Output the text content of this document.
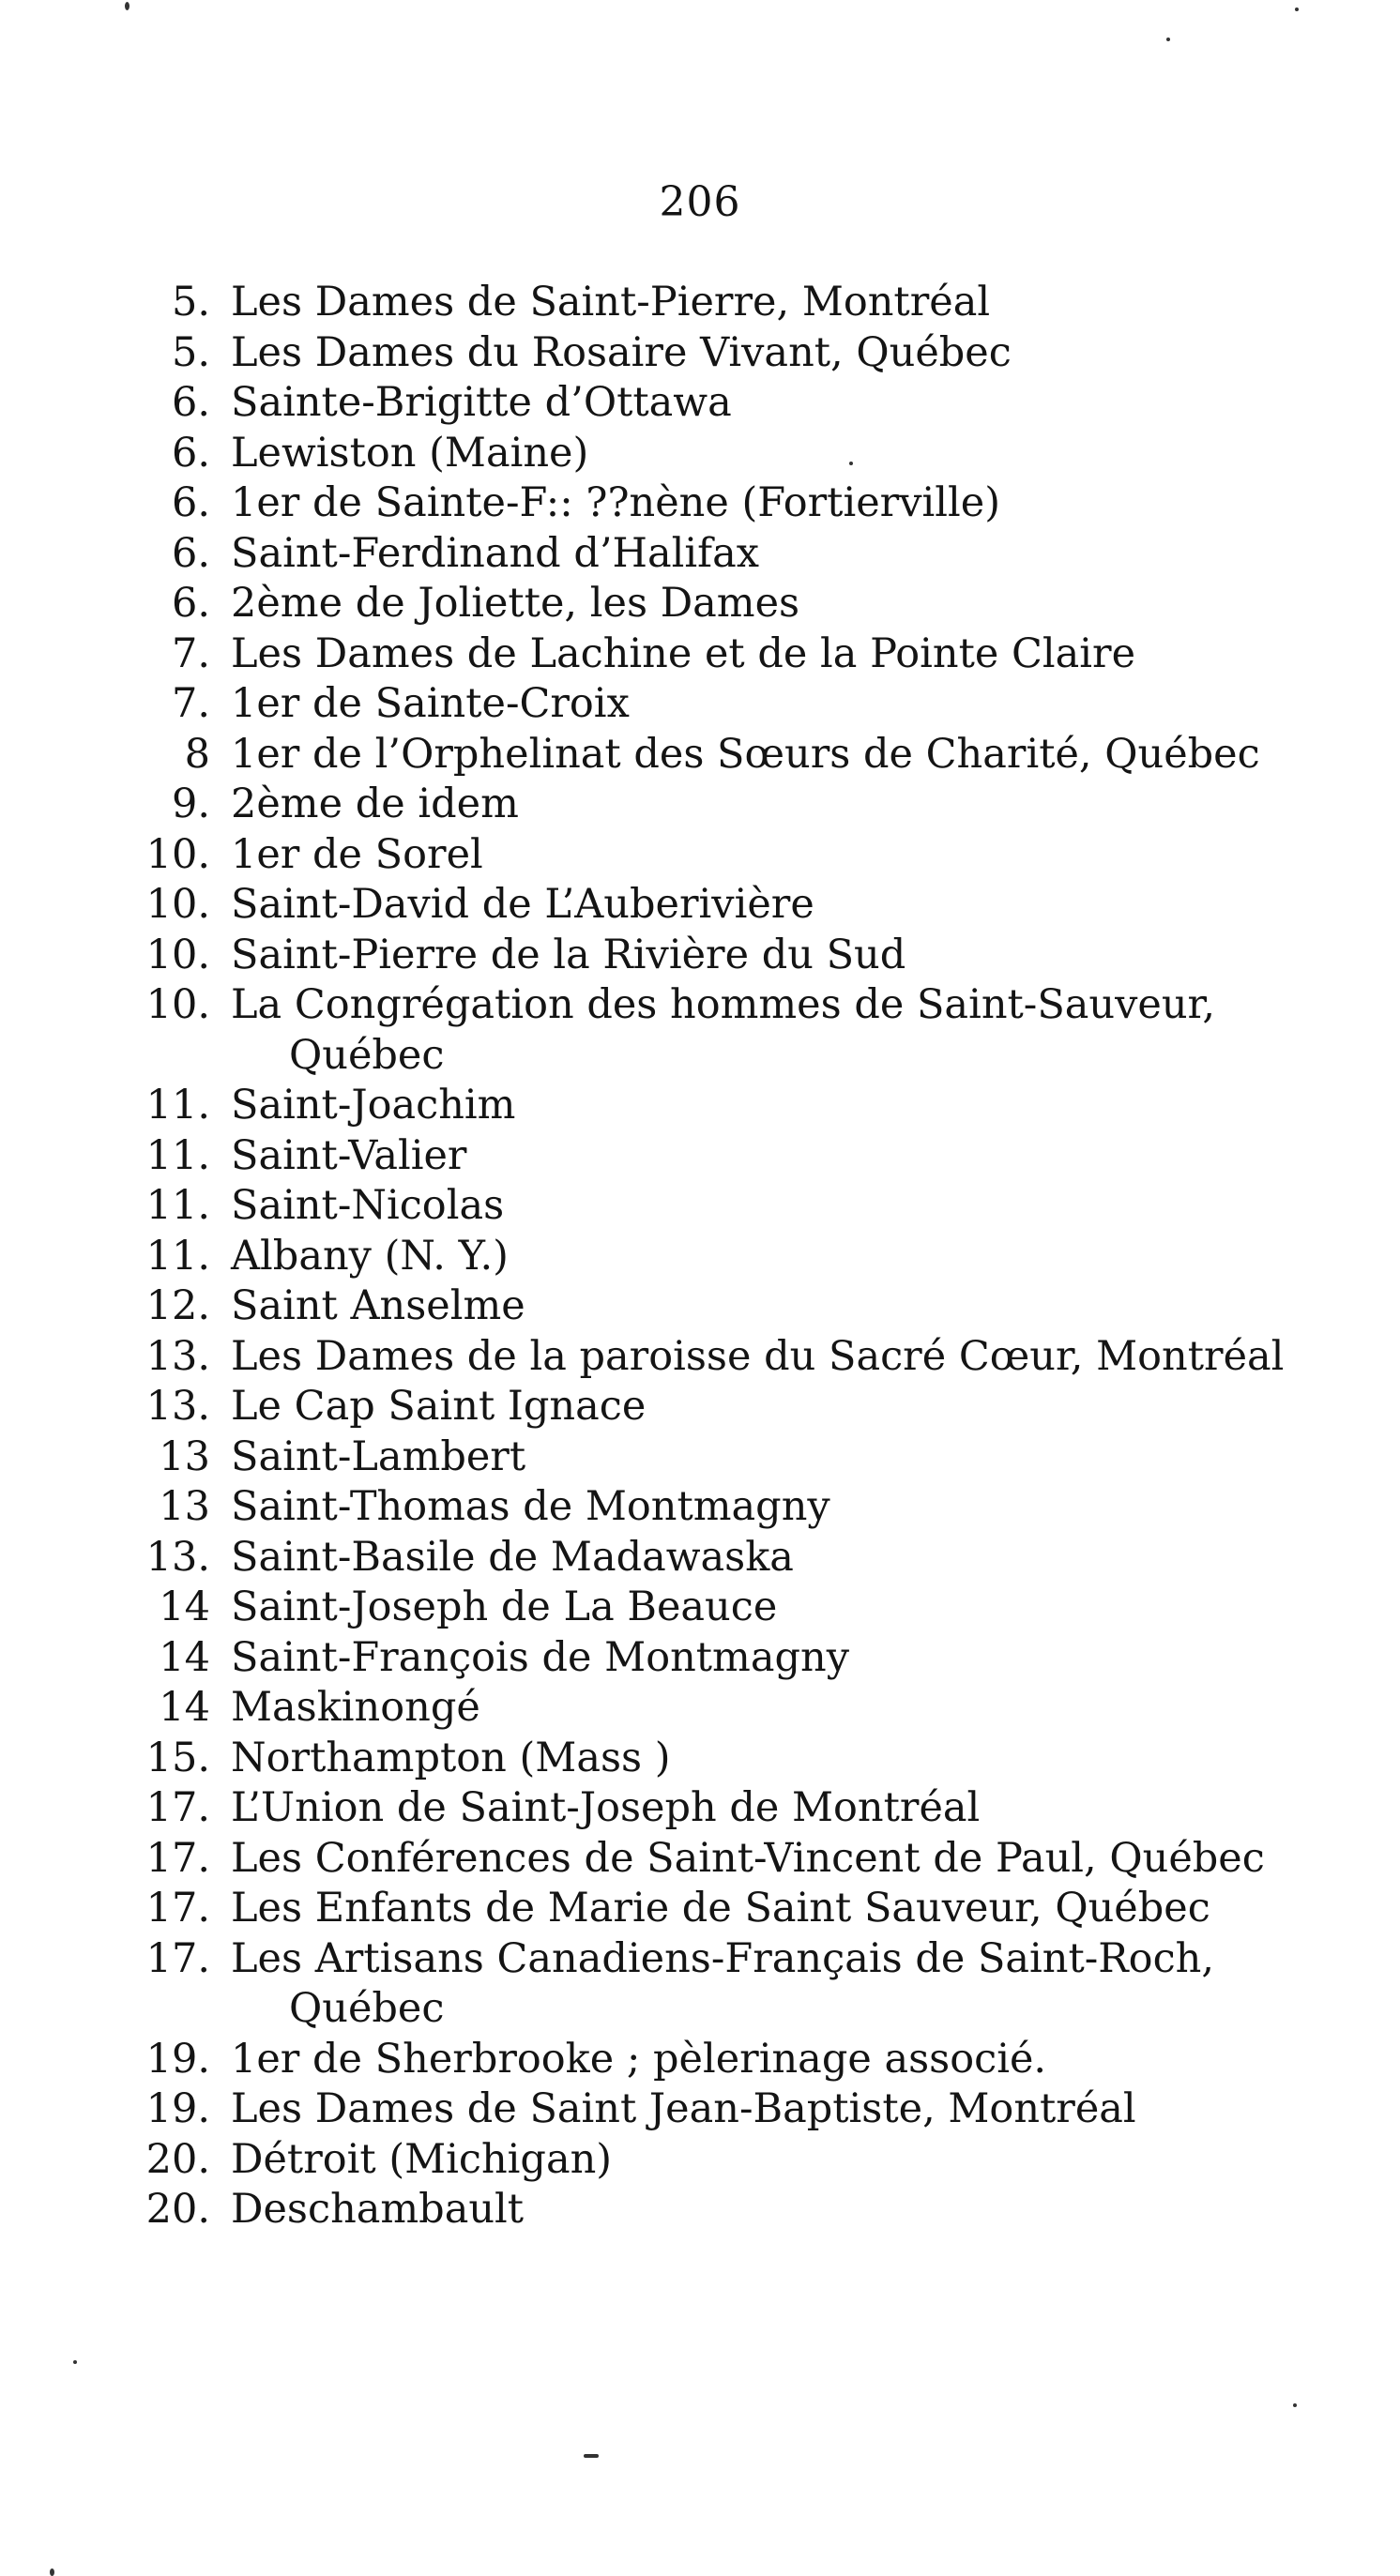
206
5. Les Dames de Saint-Pierre, Montréal
5. Les Dames du Rosaire Vivant, Québec
6. Sainte-Brigitte d’Ottawa
6. Lewiston (Maine)
6. 1er de Sainte-F:: ??nène (Fortierville)
6. Saint-Ferdinand d’Halifax
6. 2ème de Joliette, les Dames
7. Les Dames de Lachine et de la Pointe Claire
7. 1er de Sainte-Croix
8 1er de l’Orphelinat des Sœurs de Charité, Québec
9. 2ème de idem
10. 1er de Sorel
10. Saint-David de L’Auberivière
10. Saint-Pierre de la Rivière du Sud
10. La Congrégation des hommes de Saint-Sauveur,
Québec
11. Saint-Joachim
11. Saint-Valier
11. Saint-Nicolas
11. Albany (N. Y.)
12. Saint Anselme
13. Les Dames de la paroisse du Sacré Cœur, Montréal
13. Le Cap Saint Ignace
13 Saint-Lambert
13 Saint-Thomas de Montmagny
13. Saint-Basile de Madawaska
14 Saint-Joseph de La Beauce
14 Saint-François de Montmagny
14 Maskinongé
15. Northampton (Mass )
17. L’Union de Saint-Joseph de Montréal
17. Les Conférences de Saint-Vincent de Paul, Québec
17. Les Enfants de Marie de Saint Sauveur, Québec
17. Les Artisans Canadiens-Français de Saint-Roch,
Québec
19. 1er de Sherbrooke ; pèlerinage associé.
19. Les Dames de Saint Jean-Baptiste, Montréal
20. Détroit (Michigan)
20. Deschambault
